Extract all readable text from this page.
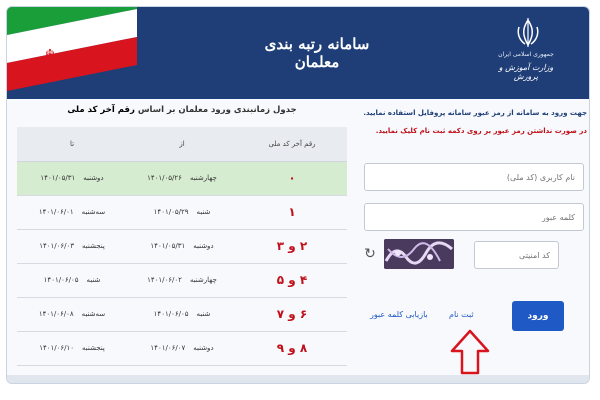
☬
سامانه رتبه بندی معلمان	جمهوری اسلامی ایران
وزارت آموزش و پرورش
جدول زمانبندی ورود معلمان بر اساس رقم آخر کد ملی
رقم آخر کد ملی	از	تا
۰	چهارشنبه۱۴۰۱/۰۵/۲۶	دوشنبه۱۴۰۱/۰۵/۳۱
۱	شنبه۱۴۰۱/۰۵/۲۹	سه‌شنبه۱۴۰۱/۰۶/۰۱
۲ و ۳	دوشنبه۱۴۰۱/۰۵/۳۱	پنجشنبه۱۴۰۱/۰۶/۰۳
۴ و ۵	چهارشنبه۱۴۰۱/۰۶/۰۲	شنبه۱۴۰۱/۰۶/۰۵
۶ و ۷	شنبه۱۴۰۱/۰۶/۰۵	سه‌شنبه۱۴۰۱/۰۶/۰۸
۸ و ۹	دوشنبه۱۴۰۱/۰۶/۰۷	پنجشنبه۱۴۰۱/۰۶/۱۰
جهت ورود به سامانه از رمز عبور سامانه پروفایل استفاده نمایید.
در صورت نداشتن رمز عبور بر روی دکمه ثبت نام کلیک نمایید.
نام کاربری (کد ملی)
کد امنیتی
↻
ورود
ثبت نام
بازیابی کلمه عبور
